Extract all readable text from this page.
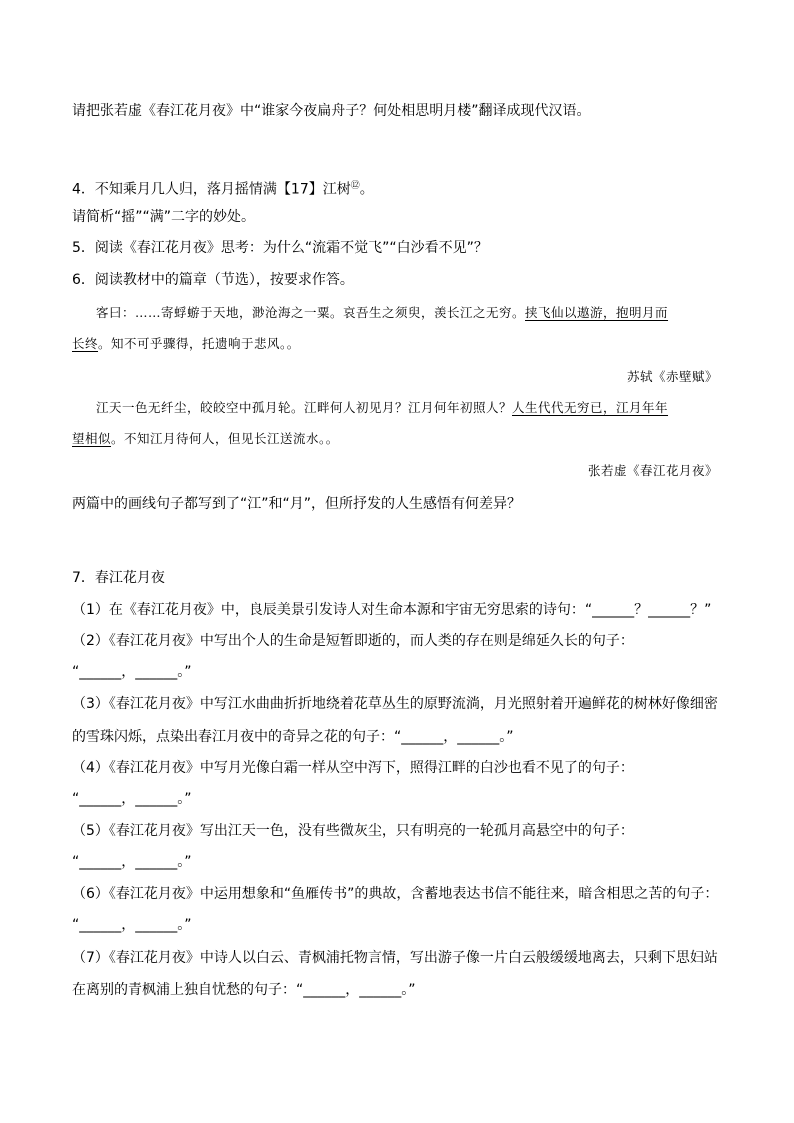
请把张若虚《春江花月夜》中“谁家今夜扁舟子？何处相思明月楼”翻译成现代汉语。
4．不知乘月几人归，落月摇情满【17】江树⑫。
请简析“摇”“满”二字的妙处。
5．阅读《春江花月夜》思考：为什么“流霜不觉飞”“白沙看不见”？
6．阅读教材中的篇章（节选），按要求作答。
客曰：……寄蜉蝣于天地，渺沧海之一粟。哀吾生之须臾，羡长江之无穷。挟飞仙以遨游，抱明月而
长终。知不可乎骤得，托遗响于悲风。。
苏轼《赤壁赋》
江天一色无纤尘，皎皎空中孤月轮。江畔何人初见月？江月何年初照人？人生代代无穷已，江月年年
望相似。不知江月待何人，但见长江送流水。。
张若虚《春江花月夜》
两篇中的画线句子都写到了“江”和“月”，但所抒发的人生感悟有何差异？
7．春江花月夜
（1）在《春江花月夜》中，良辰美景引发诗人对生命本源和宇宙无穷思索的诗句：“______？______？”
（2）《春江花月夜》中写出个人的生命是短暂即逝的，而人类的存在则是绵延久长的句子：
“______，______。”
（3）《春江花月夜》中写江水曲曲折折地绕着花草丛生的原野流淌，月光照射着开遍鲜花的树林好像细密
的雪珠闪烁，点染出春江月夜中的奇异之花的句子：“______，______。”
（4）《春江花月夜》中写月光像白霜一样从空中泻下，照得江畔的白沙也看不见了的句子：
“______，______。”
（5）《春江花月夜》写出江天一色，没有些微灰尘，只有明亮的一轮孤月高悬空中的句子：
“______，______。”
（6）《春江花月夜》中运用想象和“鱼雁传书”的典故，含蓄地表达书信不能往来，暗含相思之苦的句子：
“______，______。”
（7）《春江花月夜》中诗人以白云、青枫浦托物言情，写出游子像一片白云般缓缓地离去，只剩下思妇站
在离别的青枫浦上独自忧愁的句子：“______，______。”
